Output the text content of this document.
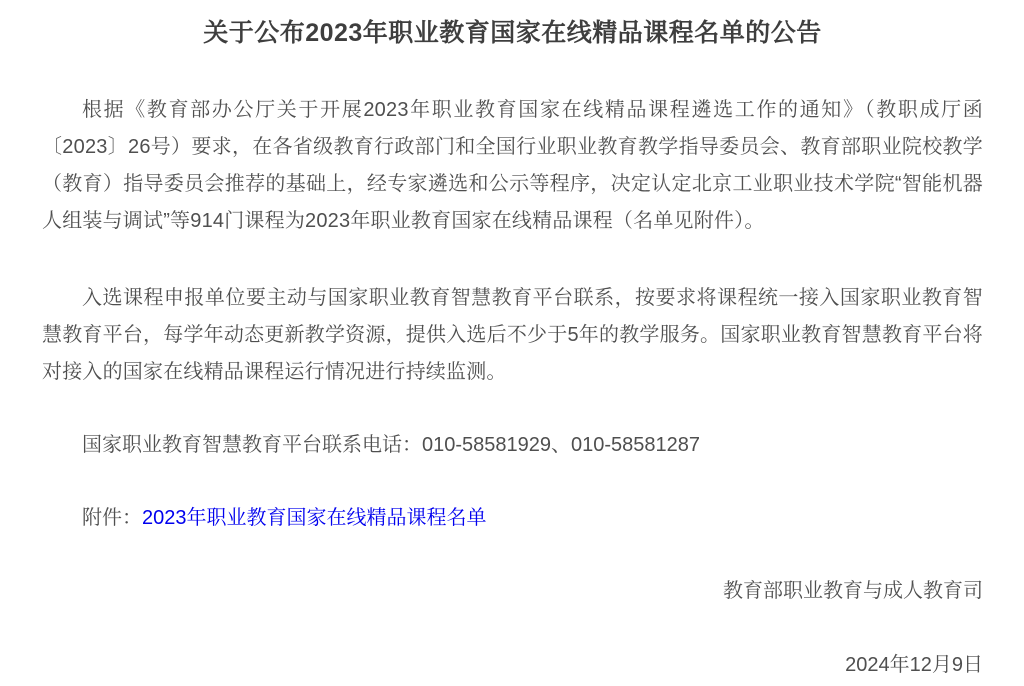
关于公布2023年职业教育国家在线精品课程名单的公告

根据《教育部办公厅关于开展2023年职业教育国家在线精品课程遴选工作的通知》（教职成厅函〔2023〕26号）要求，在各省级教育行政部门和全国行业职业教育教学指导委员会、教育部职业院校教学（教育）指导委员会推荐的基础上，经专家遴选和公示等程序，决定认定北京工业职业技术学院“智能机器人组装与调试”等914门课程为2023年职业教育国家在线精品课程（名单见附件）。

入选课程申报单位要主动与国家职业教育智慧教育平台联系，按要求将课程统一接入国家职业教育智慧教育平台，每学年动态更新教学资源，提供入选后不少于5年的教学服务。国家职业教育智慧教育平台将对接入的国家在线精品课程运行情况进行持续监测。

国家职业教育智慧教育平台联系电话：010-58581929、010-58581287

附件：2023年职业教育国家在线精品课程名单

教育部职业教育与成人教育司

2024年12月9日
